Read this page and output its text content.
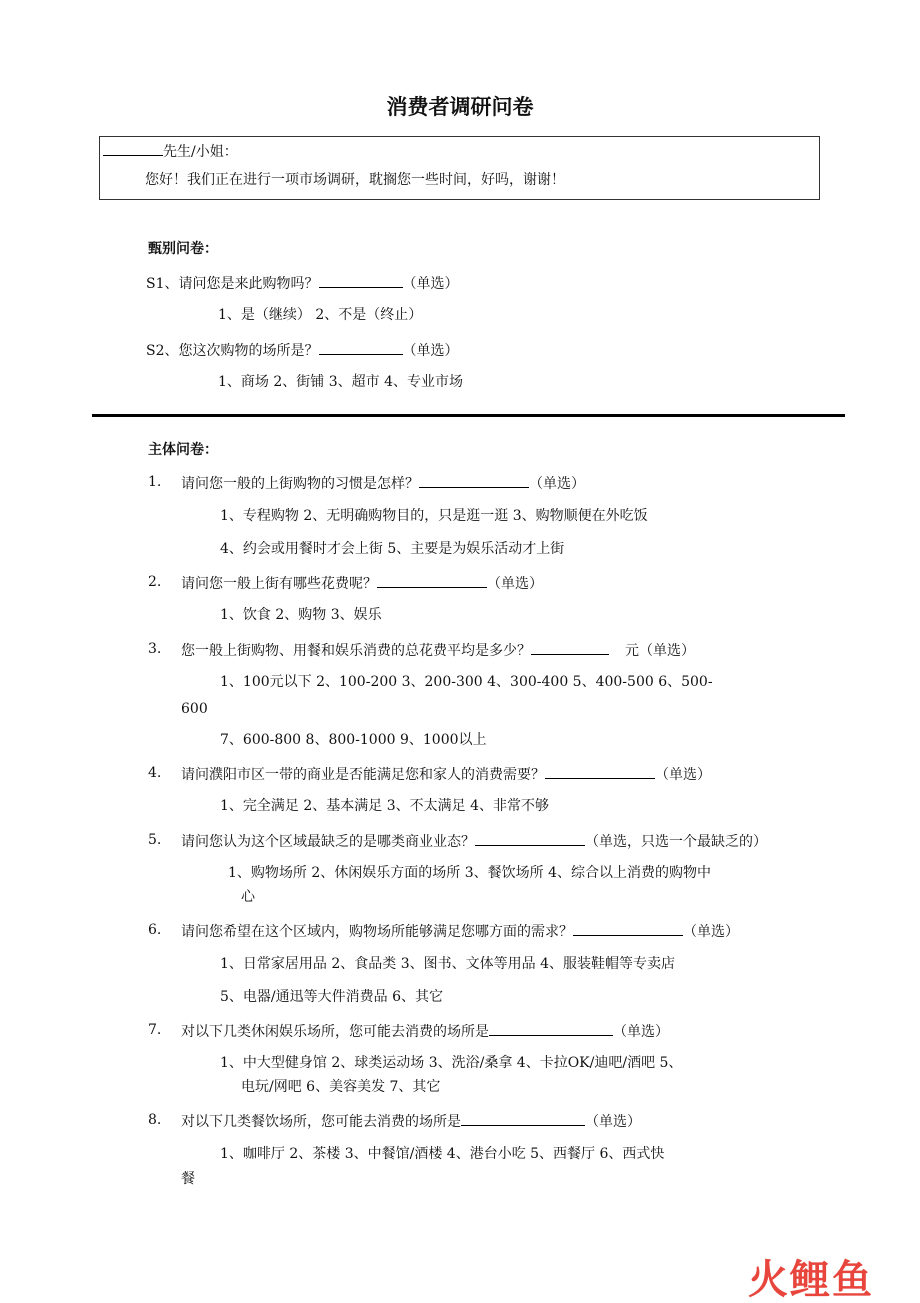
消费者调研问卷
先生/小姐：
您好！我们正在进行一项市场调研，耽搁您一些时间，好吗，谢谢！
甄别问卷：
S1、请问您是来此购物吗？	（单选）
1、是（继续） 2、不是（终止）
S2、您这次购物的场所是？	（单选）
1、商场 2、街铺 3、超市 4、专业市场
主体问卷：
1. 请问您一般的上街购物的习惯是怎样？	（单选）
1、专程购物 2、无明确购物目的，只是逛一逛 3、购物顺便在外吃饭
4、约会或用餐时才会上街 5、主要是为娱乐活动才上街
2. 请问您一般上街有哪些花费呢？	（单选）
1、饮食 2、购物 3、娱乐
3. 您一般上街购物、用餐和娱乐消费的总花费平均是多少？	元（单选）
1、100元以下 2、100-200 3、200-300 4、300-400 5、400-500 6、500-
600
7、600-800 8、800-1000 9、1000以上
4. 请问濮阳市区一带的商业是否能满足您和家人的消费需要？	（单选）
1、完全满足 2、基本满足 3、不太满足 4、非常不够
5. 请问您认为这个区域最缺乏的是哪类商业业态？	（单选，只选一个最缺乏的）
1、购物场所 2、休闲娱乐方面的场所 3、餐饮场所 4、综合以上消费的购物中
心
6. 请问您希望在这个区域内，购物场所能够满足您哪方面的需求？	（单选）
1、日常家居用品 2、食品类 3、图书、文体等用品 4、服装鞋帽等专卖店
5、电器/通迅等大件消费品 6、其它
7. 对以下几类休闲娱乐场所，您可能去消费的场所是	（单选）
1、中大型健身馆 2、球类运动场 3、洗浴/桑拿 4、卡拉OK/迪吧/酒吧 5、
电玩/网吧 6、美容美发 7、其它
8. 对以下几类餐饮场所，您可能去消费的场所是	（单选）
1、咖啡厅 2、茶楼 3、中餐馆/酒楼 4、港台小吃 5、西餐厅 6、西式快
餐
火鲤鱼
